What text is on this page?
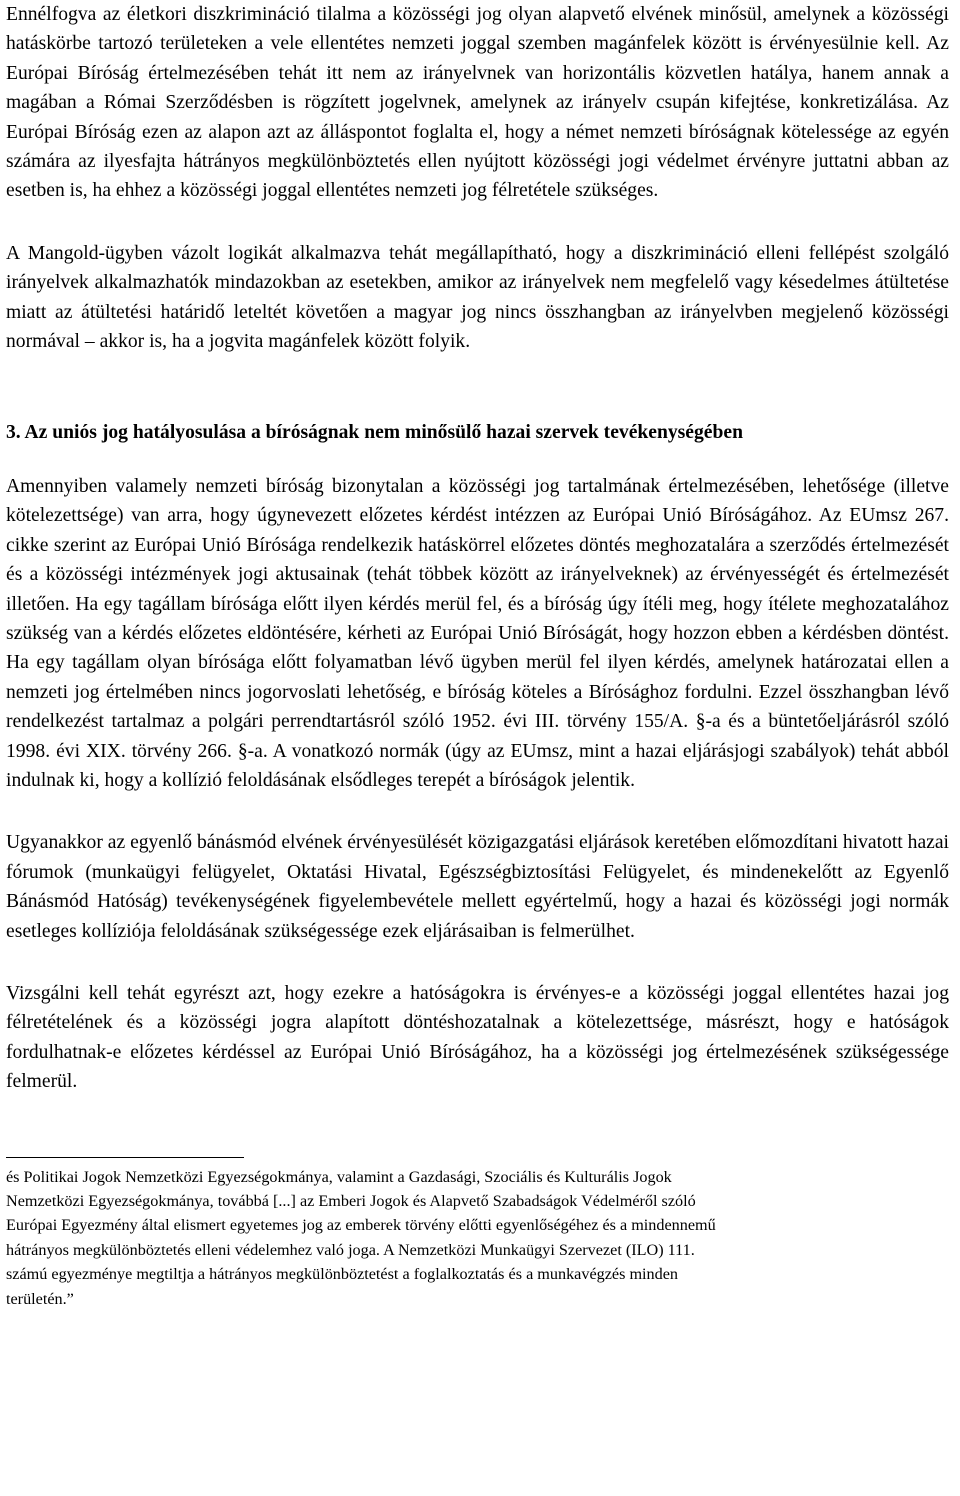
Ennélfogva az életkori diszkrimináció tilalma a közösségi jog olyan alapvető elvének minősül, amelynek a közösségi hatáskörbe tartozó területeken a vele ellentétes nemzeti joggal szemben magánfelek között is érvényesülnie kell. Az Európai Bíróság értelmezésében tehát itt nem az irányelvnek van horizontális közvetlen hatálya, hanem annak a magában a Római Szerződésben is rögzített jogelvnek, amelynek az irányelv csupán kifejtése, konkretizálása. Az Európai Bíróság ezen az alapon azt az álláspontot foglalta el, hogy a német nemzeti bíróságnak kötelessége az egyén számára az ilyesfajta hátrányos megkülönböztetés ellen nyújtott közösségi jogi védelmet érvényre juttatni abban az esetben is, ha ehhez a közösségi joggal ellentétes nemzeti jog félretétele szükséges.

A Mangold-ügyben vázolt logikát alkalmazva tehát megállapítható, hogy a diszkrimináció elleni fellépést szolgáló irányelvek alkalmazhatók mindazokban az esetekben, amikor az irányelvek nem megfelelő vagy késedelmes átültetése miatt az átültetési határidő leteltét követően a magyar jog nincs összhangban az irányelvben megjelenő közösségi normával – akkor is, ha a jogvita magánfelek között folyik.

3. Az uniós jog hatályosulása a bíróságnak nem minősülő hazai szervek tevékenységében

Amennyiben valamely nemzeti bíróság bizonytalan a közösségi jog tartalmának értelmezésében, lehetősége (illetve kötelezettsége) van arra, hogy úgynevezett előzetes kérdést intézzen az Európai Unió Bíróságához. Az EUmsz 267. cikke szerint az Európai Unió Bírósága rendelkezik hatáskörrel előzetes döntés meghozatalára a szerződés értelmezését és a közösségi intézmények jogi aktusainak (tehát többek között az irányelveknek) az érvényességét és értelmezését illetően. Ha egy tagállam bírósága előtt ilyen kérdés merül fel, és a bíróság úgy ítéli meg, hogy ítélete meghozatalához szükség van a kérdés előzetes eldöntésére, kérheti az Európai Unió Bíróságát, hogy hozzon ebben a kérdésben döntést. Ha egy tagállam olyan bírósága előtt folyamatban lévő ügyben merül fel ilyen kérdés, amelynek határozatai ellen a nemzeti jog értelmében nincs jogorvoslati lehetőség, e bíróság köteles a Bírósághoz fordulni. Ezzel összhangban lévő rendelkezést tartalmaz a polgári perrendtartásról szóló 1952. évi III. törvény 155/A. §-a és a büntetőeljárásról szóló 1998. évi XIX. törvény 266. §-a. A vonatkozó normák (úgy az EUmsz, mint a hazai eljárásjogi szabályok) tehát abból indulnak ki, hogy a kollízió feloldásának elsődleges terepét a bíróságok jelentik.

Ugyanakkor az egyenlő bánásmód elvének érvényesülését közigazgatási eljárások keretében előmozdítani hivatott hazai fórumok (munkaügyi felügyelet, Oktatási Hivatal, Egészségbiztosítási Felügyelet, és mindenekelőtt az Egyenlő Bánásmód Hatóság) tevékenységének figyelembevétele mellett egyértelmű, hogy a hazai és közösségi jogi normák esetleges kollíziója feloldásának szükségessége ezek eljárásaiban is felmerülhet.

Vizsgálni kell tehát egyrészt azt, hogy ezekre a hatóságokra is érvényes-e a közösségi joggal ellentétes hazai jog félretételének és a közösségi jogra alapított döntéshozatalnak a kötelezettsége, másrészt, hogy e hatóságok fordulhatnak-e előzetes kérdéssel az Európai Unió Bíróságához, ha a közösségi jog értelmezésének szükségessége felmerül.

és Politikai Jogok Nemzetközi Egyezségokmánya, valamint a Gazdasági, Szociális és Kulturális Jogok
Nemzetközi Egyezségokmánya, továbbá [...] az Emberi Jogok és Alapvető Szabadságok Védelméről szóló
Európai Egyezmény által elismert egyetemes jog az emberek törvény előtti egyenlőségéhez és a mindennemű
hátrányos megkülönböztetés elleni védelemhez való joga. A Nemzetközi Munkaügyi Szervezet (ILO) 111.
számú egyezménye megtiltja a hátrányos megkülönböztetést a foglalkoztatás és a munkavégzés minden
területén.”
